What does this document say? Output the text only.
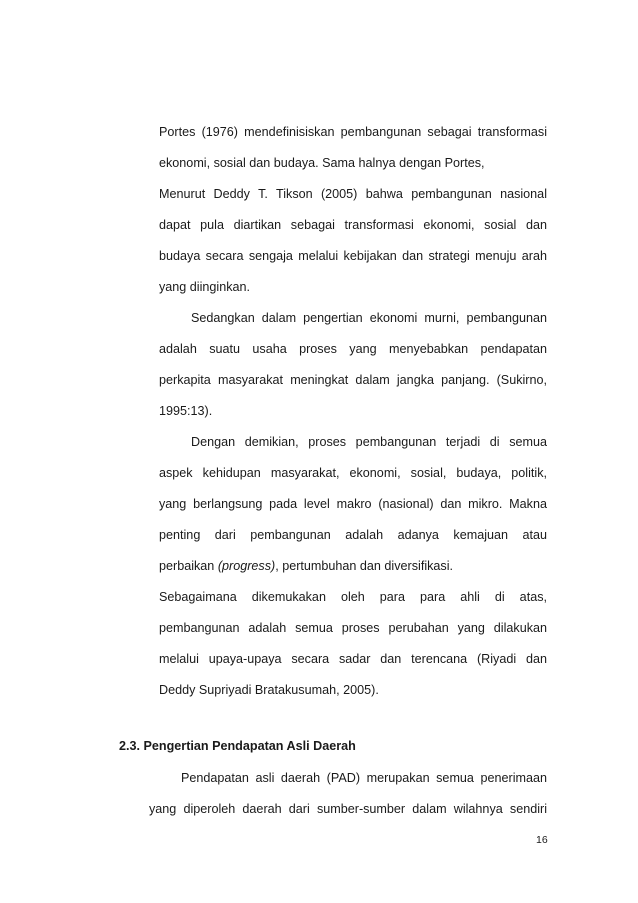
Portes (1976) mendefinisiskan pembangunan sebagai transformasi
ekonomi, sosial dan budaya. Sama halnya dengan Portes,
Menurut Deddy T. Tikson (2005) bahwa pembangunan nasional
dapat pula diartikan sebagai transformasi ekonomi, sosial dan
budaya secara sengaja melalui kebijakan dan strategi menuju arah
yang diinginkan.
Sedangkan dalam pengertian ekonomi murni, pembangunan
adalah suatu usaha proses yang menyebabkan pendapatan
perkapita masyarakat meningkat dalam jangka panjang. (Sukirno,
1995:13).
Dengan demikian, proses pembangunan terjadi di semua
aspek kehidupan masyarakat, ekonomi, sosial, budaya, politik,
yang berlangsung pada level makro (nasional) dan mikro. Makna
penting dari pembangunan adalah adanya kemajuan atau
perbaikan (progress), pertumbuhan dan diversifikasi.
Sebagaimana dikemukakan oleh para para ahli di atas,
pembangunan adalah semua proses perubahan yang dilakukan
melalui upaya-upaya secara sadar dan terencana (Riyadi dan
Deddy Supriyadi Bratakusumah, 2005).
2.3. Pengertian Pendapatan Asli Daerah
Pendapatan asli daerah (PAD) merupakan semua penerimaan
yang diperoleh daerah dari sumber-sumber dalam wilahnya sendiri
16
